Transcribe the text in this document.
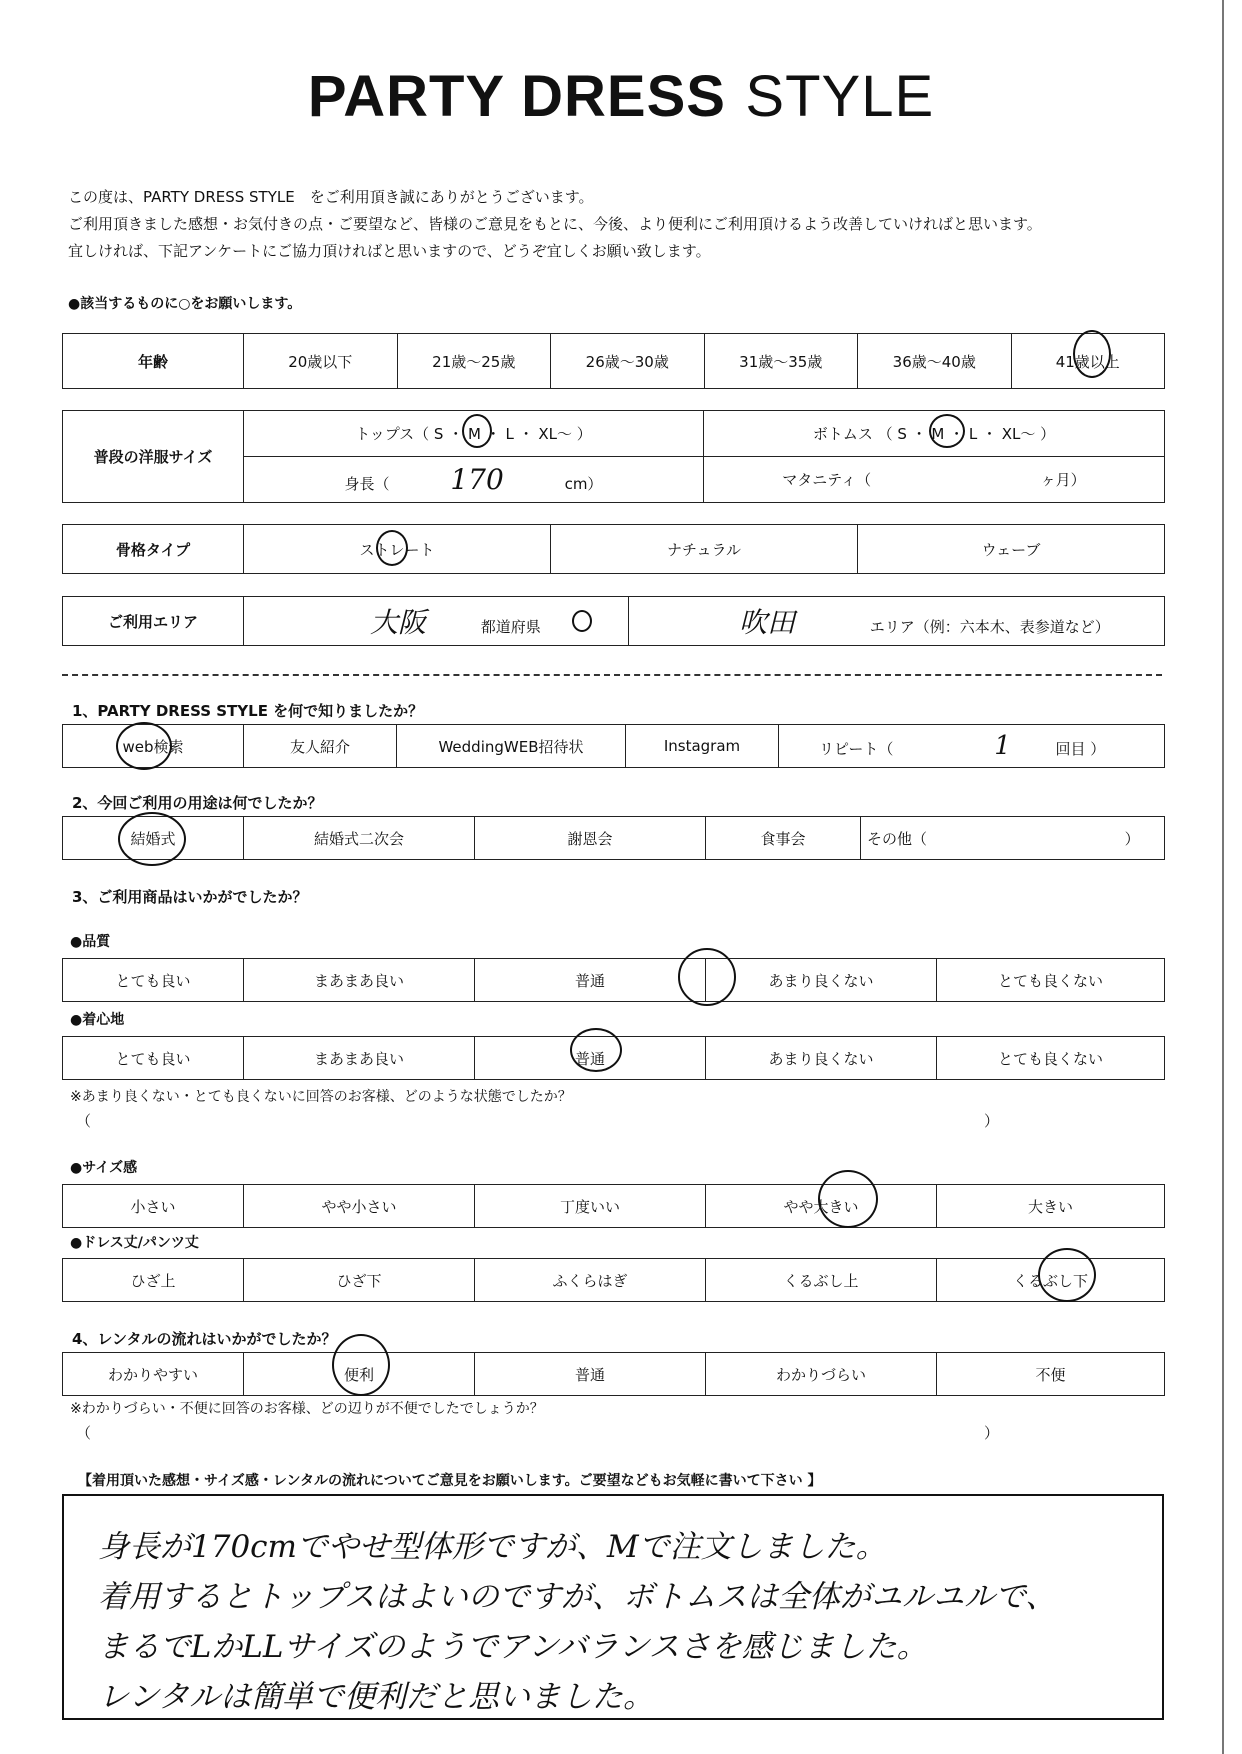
PARTY DRESS STYLE
この度は、PARTY DRESS STYLE　をご利用頂き誠にありがとうございます。
ご利用頂きました感想・お気付きの点・ご要望など、皆様のご意見をもとに、今後、より便利にご利用頂けるよう改善していければと思います。
宜しければ、下記アンケートにご協力頂ければと思いますので、どうぞ宜しくお願い致します。
●該当するものに○をお願いします。
年齢	20歳以下	21歳～25歳	26歳～30歳	31歳～35歳	36歳～40歳	41歳以上
普段の洋服サイズ	トップス（ S ・ M ・ L ・ XL～ ）	ボトムス （ S ・ M ・ L ・ XL～ ）
	身長（ 170 cm）	マタニティ（ ヶ月）
骨格タイプ	ストレート	ナチュラル	ウェーブ
ご利用エリア	大阪	都道府県	吹田	エリア（例：六本木、表参道など）
1、PARTY DRESS STYLE を何で知りましたか？
web検索	友人紹介	WeddingWEB招待状	Instagram	リピート（	1	回目 ）
2、今回ご利用の用途は何でしたか？
結婚式	結婚式二次会	謝恩会	食事会	その他（	）
3、ご利用商品はいかがでしたか？
●品質
とても良い	まあまあ良い	普通	あまり良くない	とても良くない
●着心地
とても良い	まあまあ良い	普通	あまり良くない	とても良くない
※あまり良くない・とても良くないに回答のお客様、どのような状態でしたか？
（	）
●サイズ感
小さい	やや小さい	丁度いい	やや大きい	大きい
●ドレス丈/パンツ丈
ひざ上	ひざ下	ふくらはぎ	くるぶし上	くるぶし下
4、レンタルの流れはいかがでしたか？
わかりやすい	便利	普通	わかりづらい	不便
※わかりづらい・不便に回答のお客様、どの辺りが不便でしたでしょうか？
（	）
【着用頂いた感想・サイズ感・レンタルの流れについてご意見をお願いします。ご要望などもお気軽に書いて下さい 】
身長が170cmでやせ型体形ですが、Mで注文しました。
着用するとトップスはよいのですが、ボトムスは全体がユルユルで、
まるでLかLLサイズのようでアンバランスさを感じました。
レンタルは簡単で便利だと思いました。
